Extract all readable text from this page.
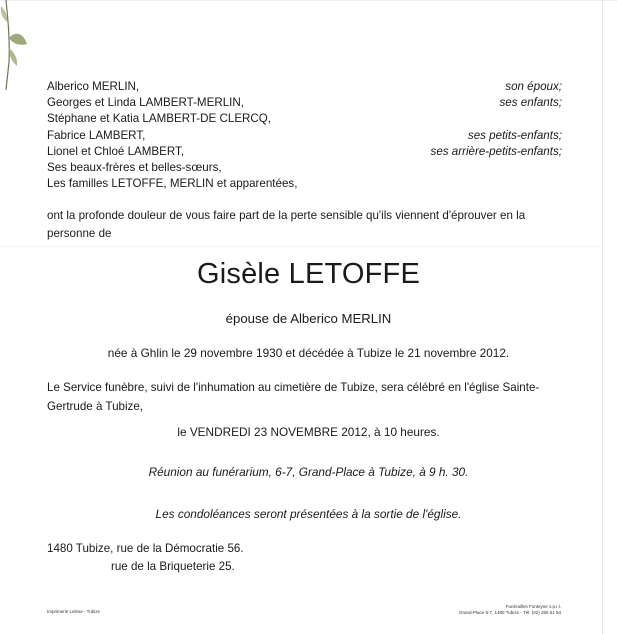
Alberico MERLIN,	son époux;
Georges et Linda LAMBERT-MERLIN,	ses enfants;
Stéphane et Katia LAMBERT-DE CLERCQ,
Fabrice LAMBERT,	ses petits-enfants;
Lionel et Chloé LAMBERT,	ses arrière-petits-enfants;
Ses beaux-frères et belles-sœurs,
Les familles LETOFFE, MERLIN et apparentées,
ont la profonde douleur de vous faire part de la perte sensible qu'ils viennent d'éprouver en la personne de
Gisèle LETOFFE
épouse de Alberico MERLIN
née à Ghlin le 29 novembre 1930 et décédée à Tubize le 21 novembre 2012.
Le Service funèbre, suivi de l'inhumation au cimetière de Tubize, sera célébré en l'église Sainte-Gertrude à Tubize,
le VENDREDI 23 NOVEMBRE 2012, à 10 heures.
Réunion au funérarium, 6-7, Grand-Place à Tubize, à 9 h. 30.
Les condoléances seront présentées à la sortie de l'église.
1480 Tubize, rue de la Démocratie 56.
rue de la Briqueterie 25.
Imprimerie Lelime - Tubize
Funérailles Fonteyne s.p.r.l.
Grand-Place 6-7, 1480 Tubize - Tél. (02) 355 51 94
